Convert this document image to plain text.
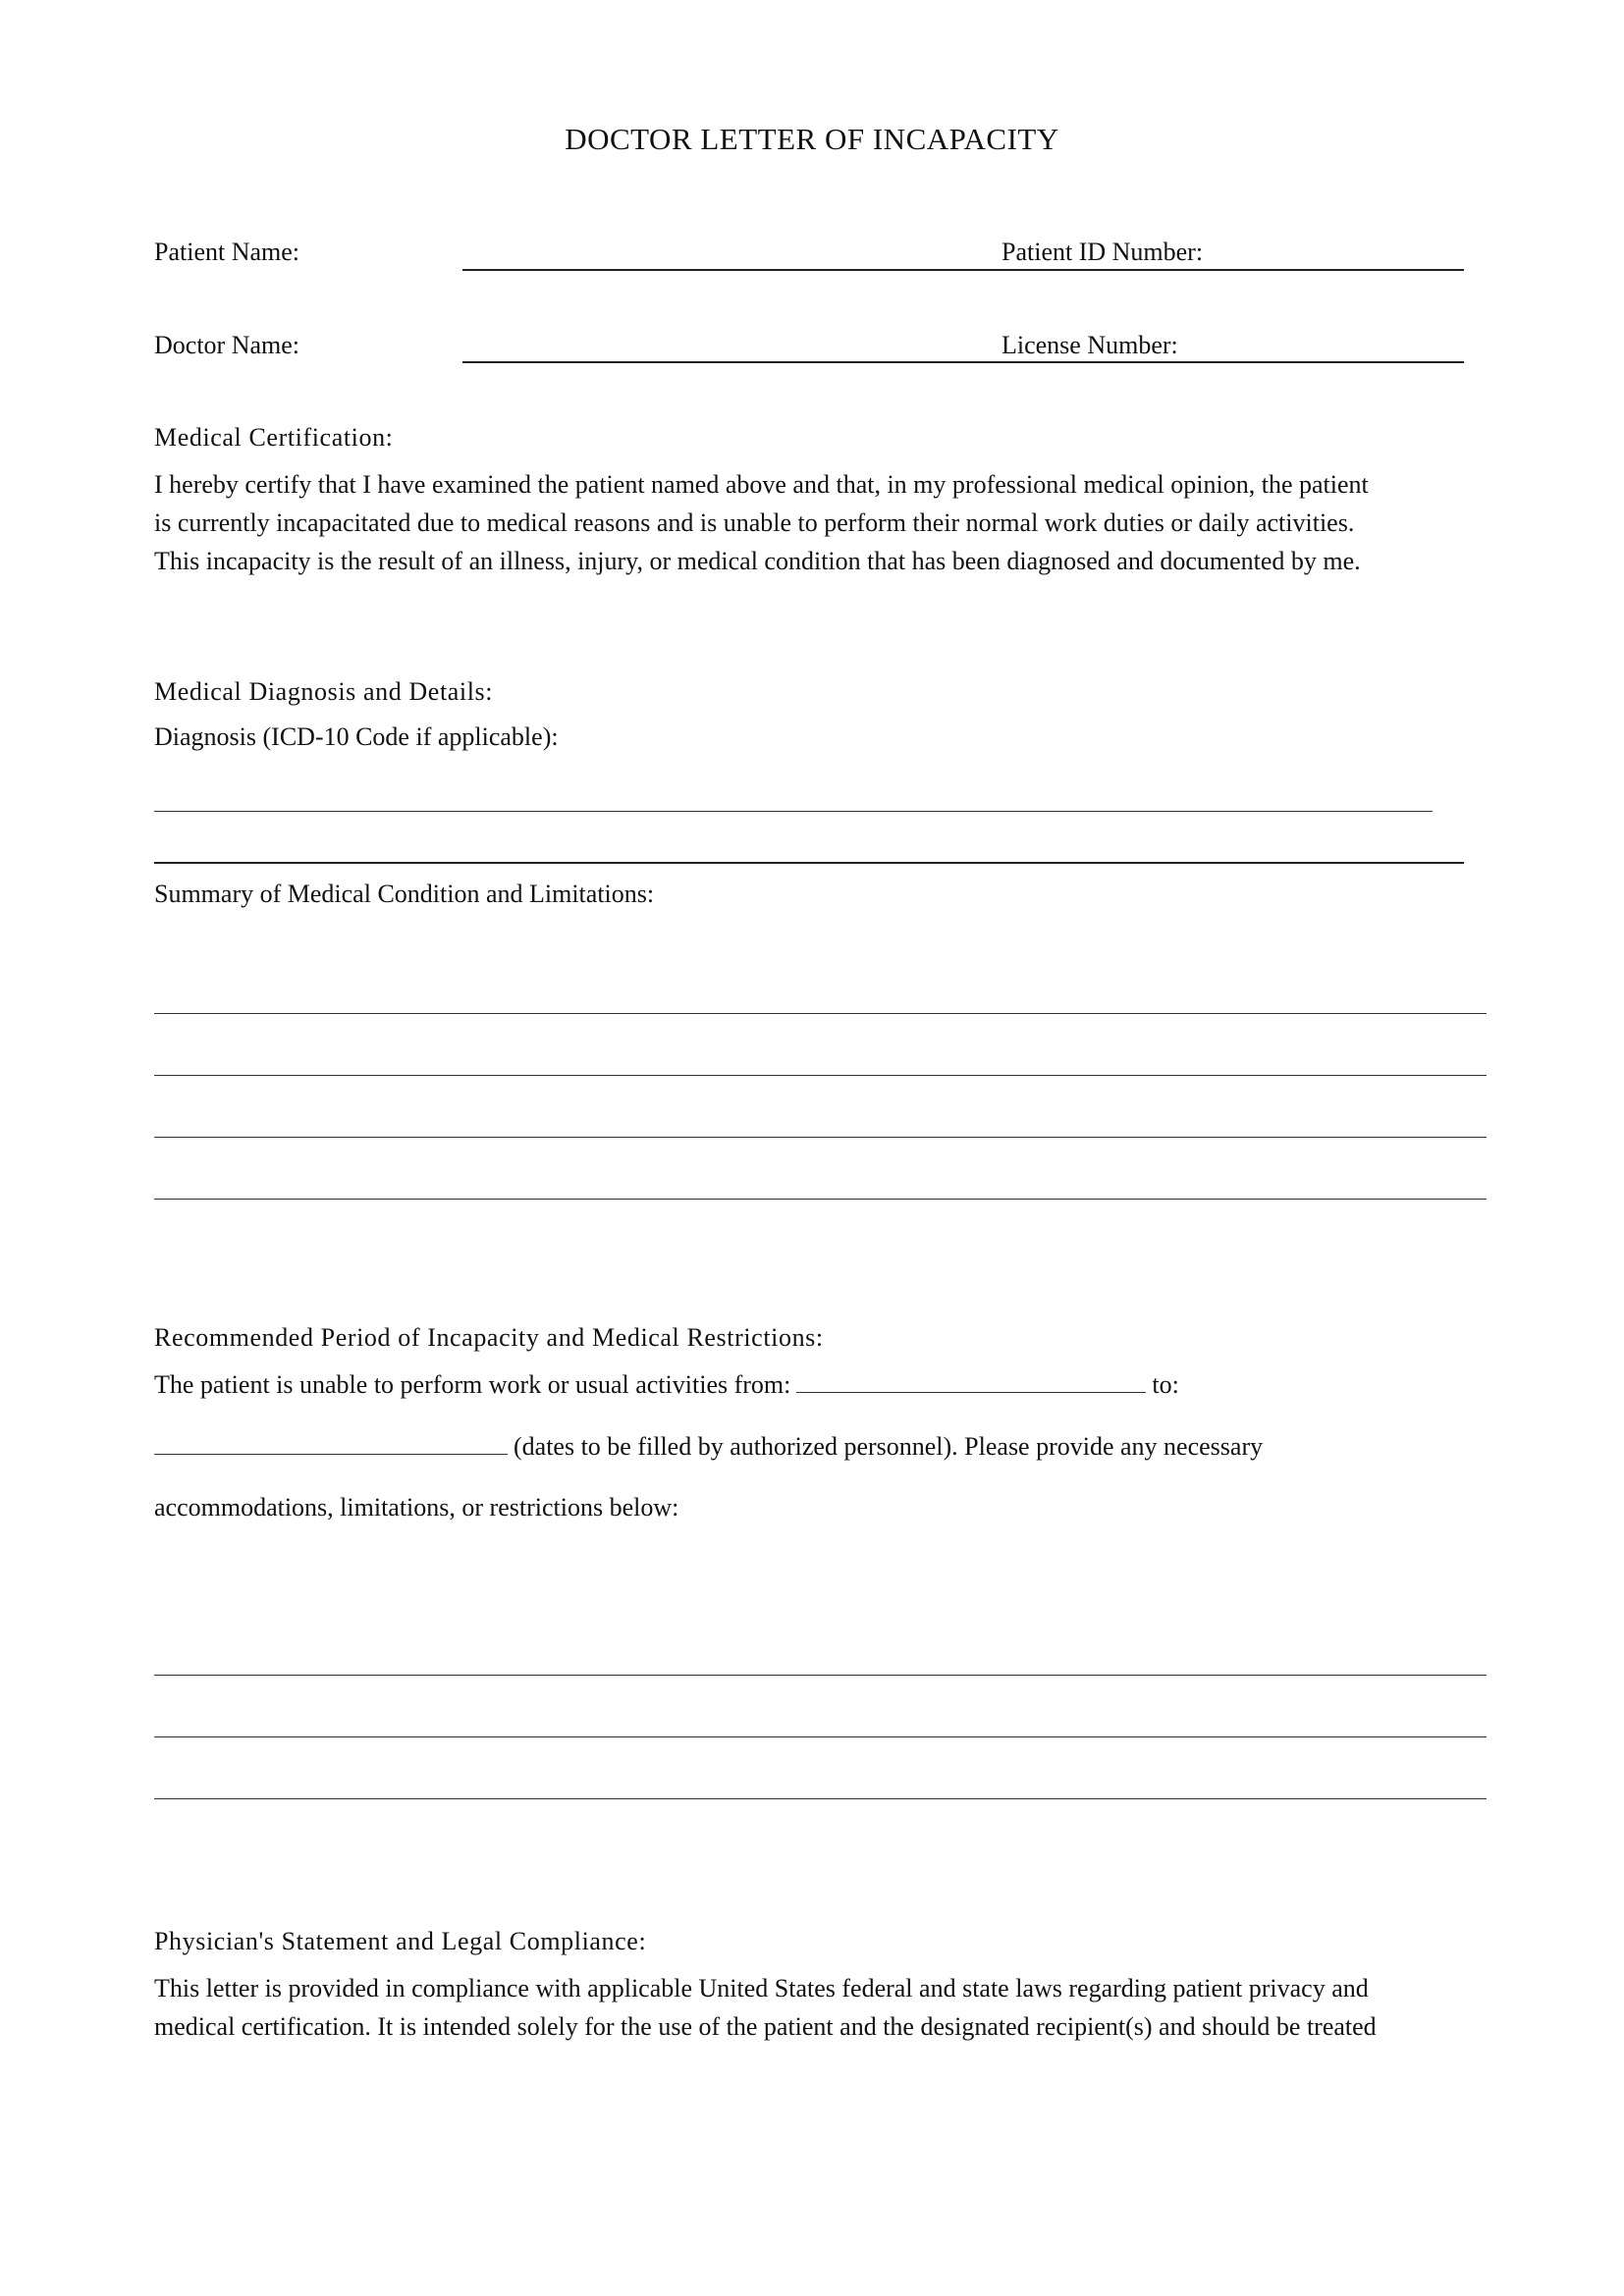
DOCTOR LETTER OF INCAPACITY
Patient Name:	Patient ID Number:
Doctor Name:	License Number:
Medical Certification:
I hereby certify that I have examined the patient named above and that, in my professional medical opinion, the patient
is currently incapacitated due to medical reasons and is unable to perform their normal work duties or daily activities.
This incapacity is the result of an illness, injury, or medical condition that has been diagnosed and documented by me.
Medical Diagnosis and Details:
Diagnosis (ICD-10 Code if applicable):
Summary of Medical Condition and Limitations:
Recommended Period of Incapacity and Medical Restrictions:
The patient is unable to perform work or usual activities from:	to:
(dates to be filled by authorized personnel). Please provide any necessary
accommodations, limitations, or restrictions below:
Physician's Statement and Legal Compliance:
This letter is provided in compliance with applicable United States federal and state laws regarding patient privacy and
medical certification. It is intended solely for the use of the patient and the designated recipient(s) and should be treated
